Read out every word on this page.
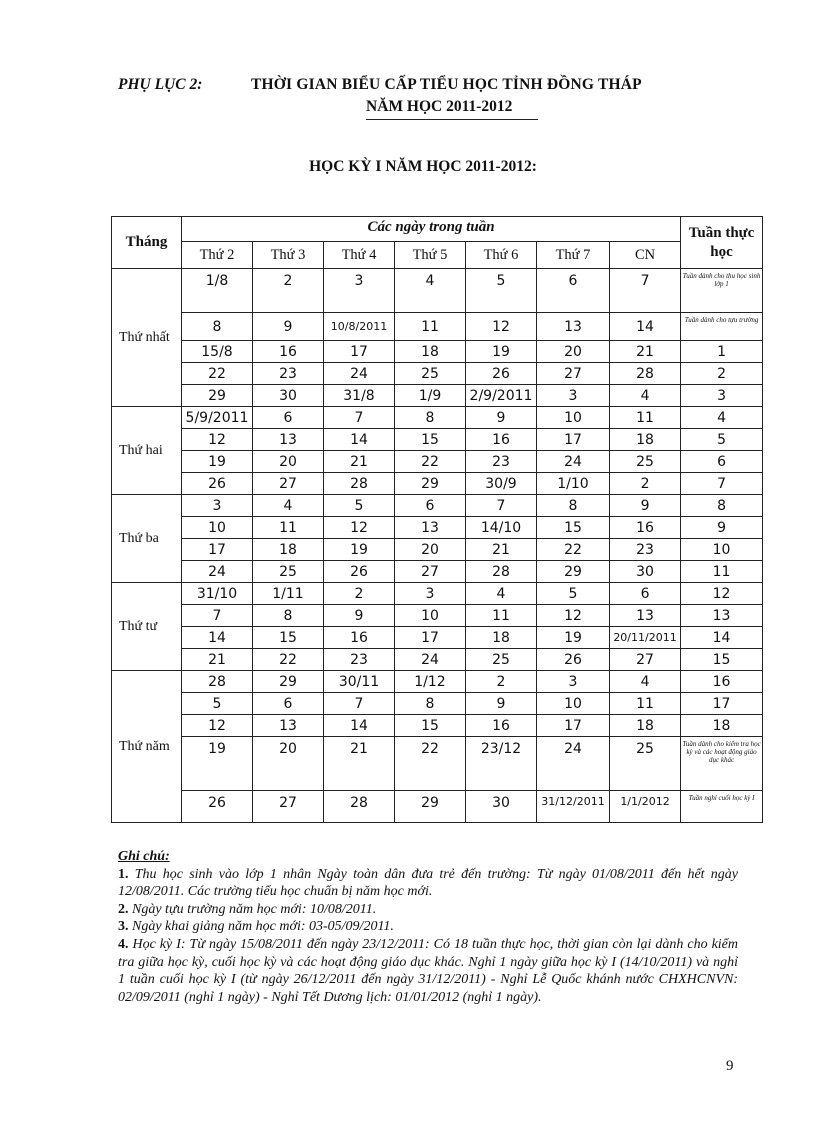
PHỤ LỤC 2:	THỜI GIAN BIỂU CẤP TIỂU HỌC TỈNH ĐỒNG THÁP
NĂM HỌC 2011-2012
HỌC KỲ I NĂM HỌC 2011-2012:
Tháng	Các ngày trong tuần							Tuần thực học
	Thứ 2	Thứ 3	Thứ 4	Thứ 5	Thứ 6	Thứ 7	CN	
Thứ nhất	1/8	2	3	4	5	6	7	Tuần dành cho thu học sinh lớp 1
	8	9	10/8/2011	11	12	13	14	Tuần dành cho tựu trường
	15/8	16	17	18	19	20	21	1
	22	23	24	25	26	27	28	2
	29	30	31/8	1/9	2/9/2011	3	4	3
Thứ hai	5/9/2011	6	7	8	9	10	11	4
	12	13	14	15	16	17	18	5
	19	20	21	22	23	24	25	6
	26	27	28	29	30/9	1/10	2	7
Thứ ba	3	4	5	6	7	8	9	8
	10	11	12	13	14/10	15	16	9
	17	18	19	20	21	22	23	10
	24	25	26	27	28	29	30	11
Thứ tư	31/10	1/11	2	3	4	5	6	12
	7	8	9	10	11	12	13	13
	14	15	16	17	18	19	20/11/2011	14
	21	22	23	24	25	26	27	15
Thứ năm	28	29	30/11	1/12	2	3	4	16
	5	6	7	8	9	10	11	17
	12	13	14	15	16	17	18	18
	19	20	21	22	23/12	24	25	Tuần dành cho kiểm tra học kỳ và các hoạt động giáo dục khác
	26	27	28	29	30	31/12/2011	1/1/2012	Tuần nghỉ cuối học kỳ I

Ghi chú:

1. Thu học sinh vào lớp 1 nhân Ngày toàn dân đưa trẻ đến trường: Từ ngày 01/08/2011 đến hết ngày 12/08/2011. Các trường tiểu học chuẩn bị năm học mới.

2. Ngày tựu trường năm học mới: 10/08/2011.

3. Ngày khai giảng năm học mới: 03-05/09/2011.

4. Học kỳ I: Từ ngày 15/08/2011 đến ngày 23/12/2011: Có 18 tuần thực học, thời gian còn lại dành cho kiểm tra giữa học kỳ, cuối học kỳ và các hoạt động giáo dục khác. Nghỉ 1 ngày giữa học kỳ I (14/10/2011) và nghỉ 1 tuần cuối học kỳ I (từ ngày 26/12/2011 đến ngày 31/12/2011) - Nghỉ Lễ Quốc khánh nước CHXHCNVN: 02/09/2011 (nghỉ 1 ngày) - Nghỉ Tết Dương lịch: 01/01/2012 (nghỉ 1 ngày).

9
